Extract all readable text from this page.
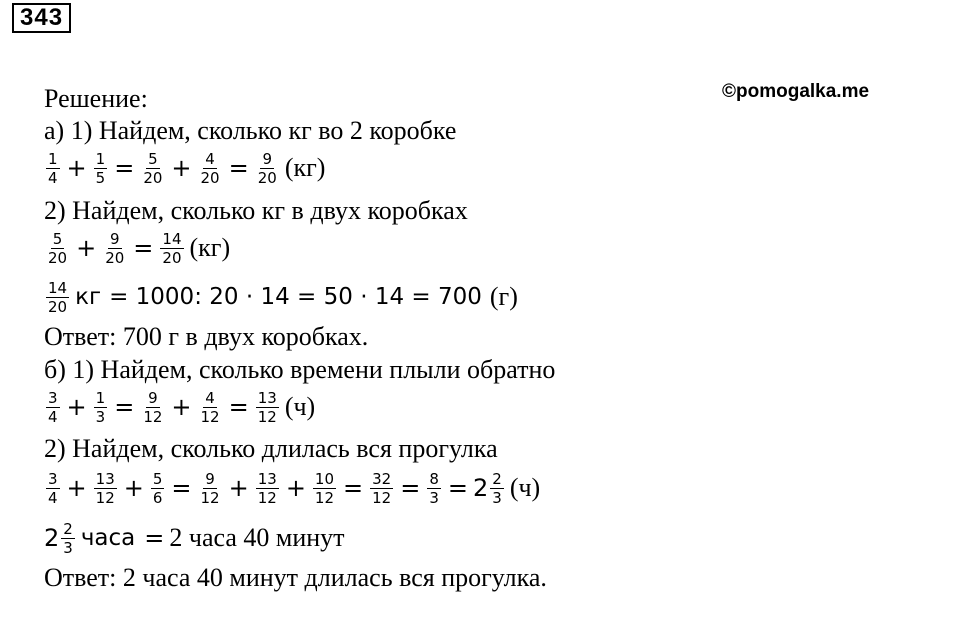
343
©pomogalka.me
Решение:
а) 1) Найдем, сколько кг во 2 коробке
$\frac{1}{4} + \frac{1}{5} = \frac{5}{20} + \frac{4}{20} = \frac{9}{20} (кг)$
2) Найдем, сколько кг в двух коробках
$\frac{5}{20} + \frac{9}{20} = \frac{14}{20} (кг)$
$\frac{14}{20}$ кг = 1000: 20 · 14 = 50 · 14 = 700 (г)
Ответ: 700 г в двух коробках.
б) 1) Найдем, сколько времени плыли обратно
$\frac{3}{4} + \frac{1}{3} = \frac{9}{12} + \frac{4}{12} = \frac{13}{12} (ч)$
2) Найдем, сколько длилась вся прогулка
$\frac{3}{4} + \frac{13}{12} + \frac{5}{6} = \frac{9}{12} + \frac{13}{12} + \frac{10}{12} = \frac{32}{12} = \frac{8}{3} = 2 \frac{2}{3} (ч)$
$2 \frac{2}{3}$ часа = 2 часа 40 минут
Ответ: 2 часа 40 минут длилась вся прогулка.
